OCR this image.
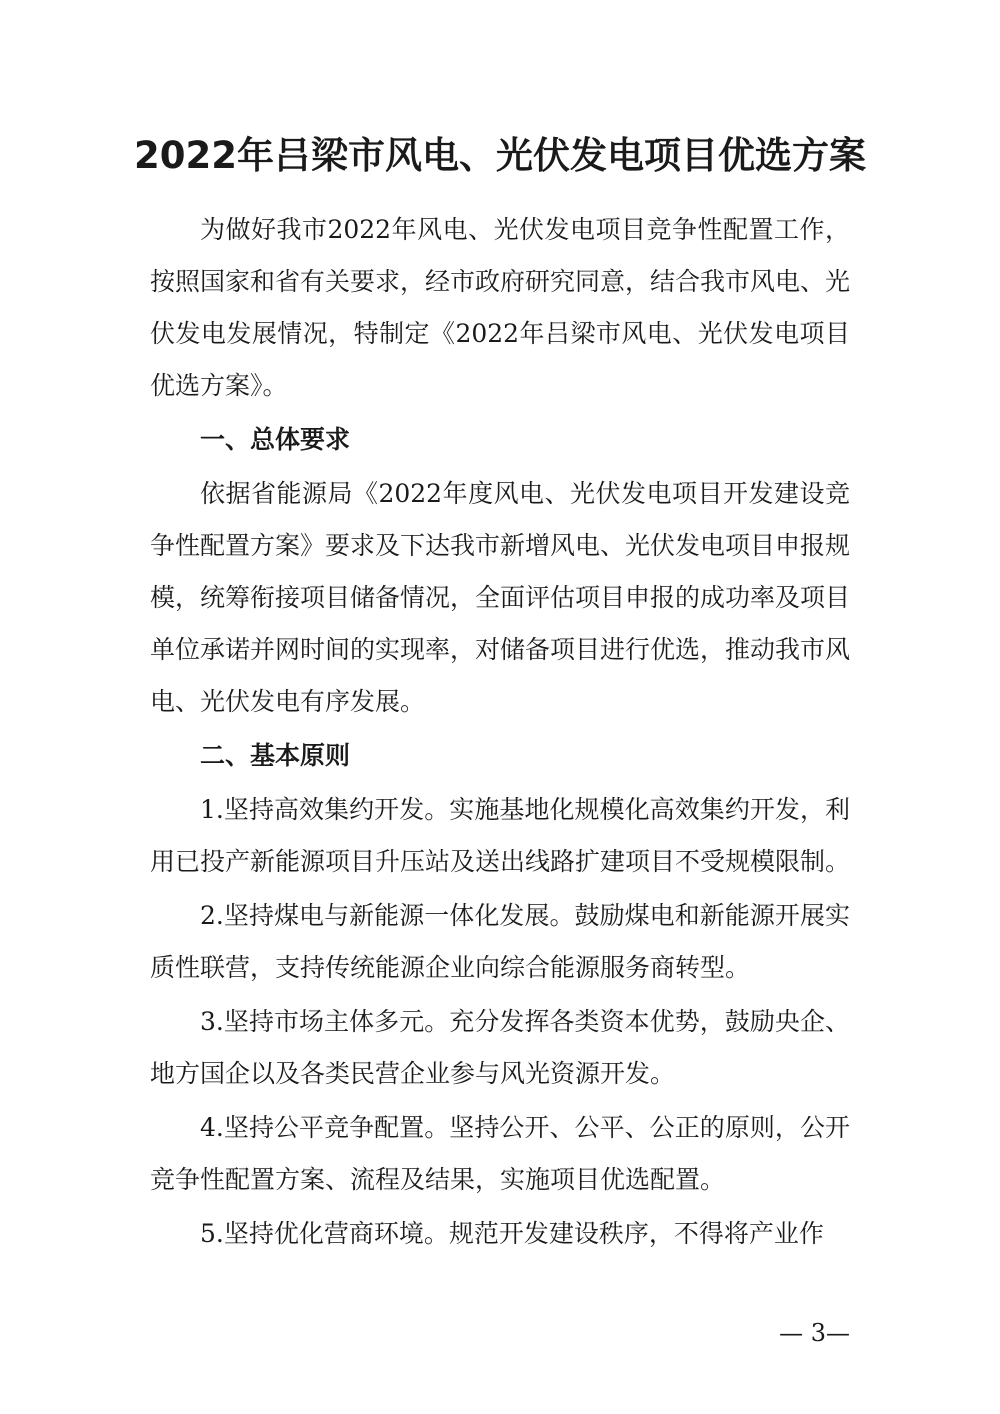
2022年吕梁市风电、光伏发电项目优选方案

为做好我市2022年风电、光伏发电项目竞争性配置工作，按照国家和省有关要求，经市政府研究同意，结合我市风电、光伏发电发展情况，特制定《2022年吕梁市风电、光伏发电项目优选方案》。

一、总体要求

依据省能源局《2022年度风电、光伏发电项目开发建设竞争性配置方案》要求及下达我市新增风电、光伏发电项目申报规模，统筹衔接项目储备情况，全面评估项目申报的成功率及项目单位承诺并网时间的实现率，对储备项目进行优选，推动我市风电、光伏发电有序发展。

二、基本原则

1.坚持高效集约开发。实施基地化规模化高效集约开发，利用已投产新能源项目升压站及送出线路扩建项目不受规模限制。

2.坚持煤电与新能源一体化发展。鼓励煤电和新能源开展实质性联营，支持传统能源企业向综合能源服务商转型。

3.坚持市场主体多元。充分发挥各类资本优势，鼓励央企、地方国企以及各类民营企业参与风光资源开发。

4.坚持公平竞争配置。坚持公开、公平、公正的原则，公开竞争性配置方案、流程及结果，实施项目优选配置。

5.坚持优化营商环境。规范开发建设秩序，不得将产业作

— 3—
